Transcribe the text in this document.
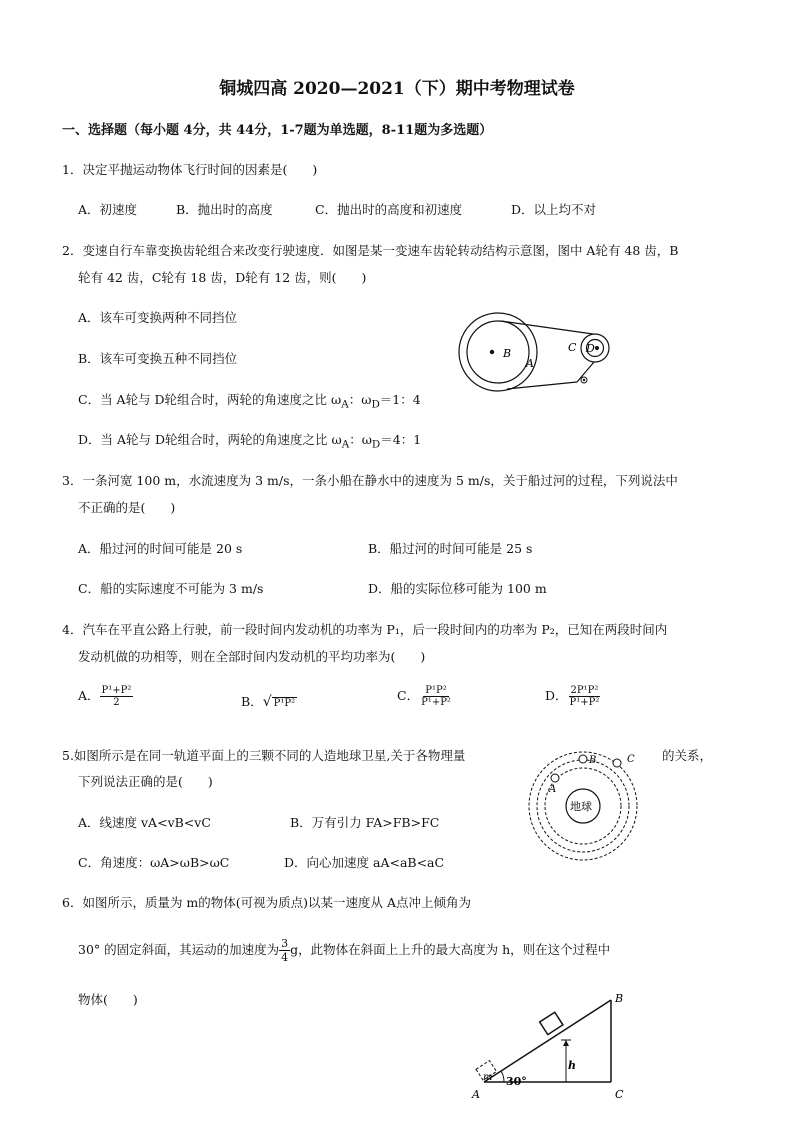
铜城四高 2020—2021（下）期中考物理试卷
一、选择题（每小题 4分，共 44分，1-7题为单选题，8-11题为多选题）
1．决定平抛运动物体飞行时间的因素是(　　)
A．初速度	B．抛出时的高度	C．抛出时的高度和初速度	D．以上均不对
2．变速自行车靠变换齿轮组合来改变行驶速度．如图是某一变速车齿轮转动结构示意图，图中 A轮有 48 齿，B
轮有 42 齿，C轮有 18 齿，D轮有 12 齿，则(　　)
A．该车可变换两种不同挡位
B．该车可变换五种不同挡位
C．当 A轮与 D轮组合时，两轮的角速度之比 $\omega_A$：$\omega_D=1$：4
D．当 A轮与 D轮组合时，两轮的角速度之比 $\omega_A$：$\omega_D=4$：1
B
A
C D
3．一条河宽 100 m，水流速度为 3 m/s，一条小船在静水中的速度为 5 m/s，关于船过河的过程，下列说法中
不正确的是(　　)
A．船过河的时间可能是 20 s	B．船过河的时间可能是 25 s
C．船的实际速度不可能为 3 m/s	D．船的实际位移可能为 100 m
4．汽车在平直公路上行驶，前一段时间内发动机的功率为 P₁，后一段时间内的功率为 P₂，已知在两段时间内
发动机做的功相等，则在全部时间内发动机的平均功率为(　　)
A． $\frac{\text{P¹+P²}}{2}$	B．√ P¹P²
C． $\frac{\text{P¹P²}}{\text{P¹+P²}}$	D． $\frac{\text{2P¹P²}}{\text{P¹+P²}}$
5.如图所示是在同一轨道平面上的三颗不同的人造地球卫星,关于各物理量	的关系，
下列说法正确的是(　　)
A．线速度 vA<vB<vC	B．万有引力 FA>FB>FC
C．角速度：ωA>ωB>ωC	D．向心加速度 aA<aB<aC
地球
A
B	C
6．如图所示，质量为 m的物体(可视为质点)以某一速度从 A点冲上倾角为
30° 的固定斜面，其运动的加速度为 $\frac{3}{4}$ g，此物体在斜面上上升的最大高度为 h，则在这个过程中
物体(　　)
h
30°
m
A
B
C
